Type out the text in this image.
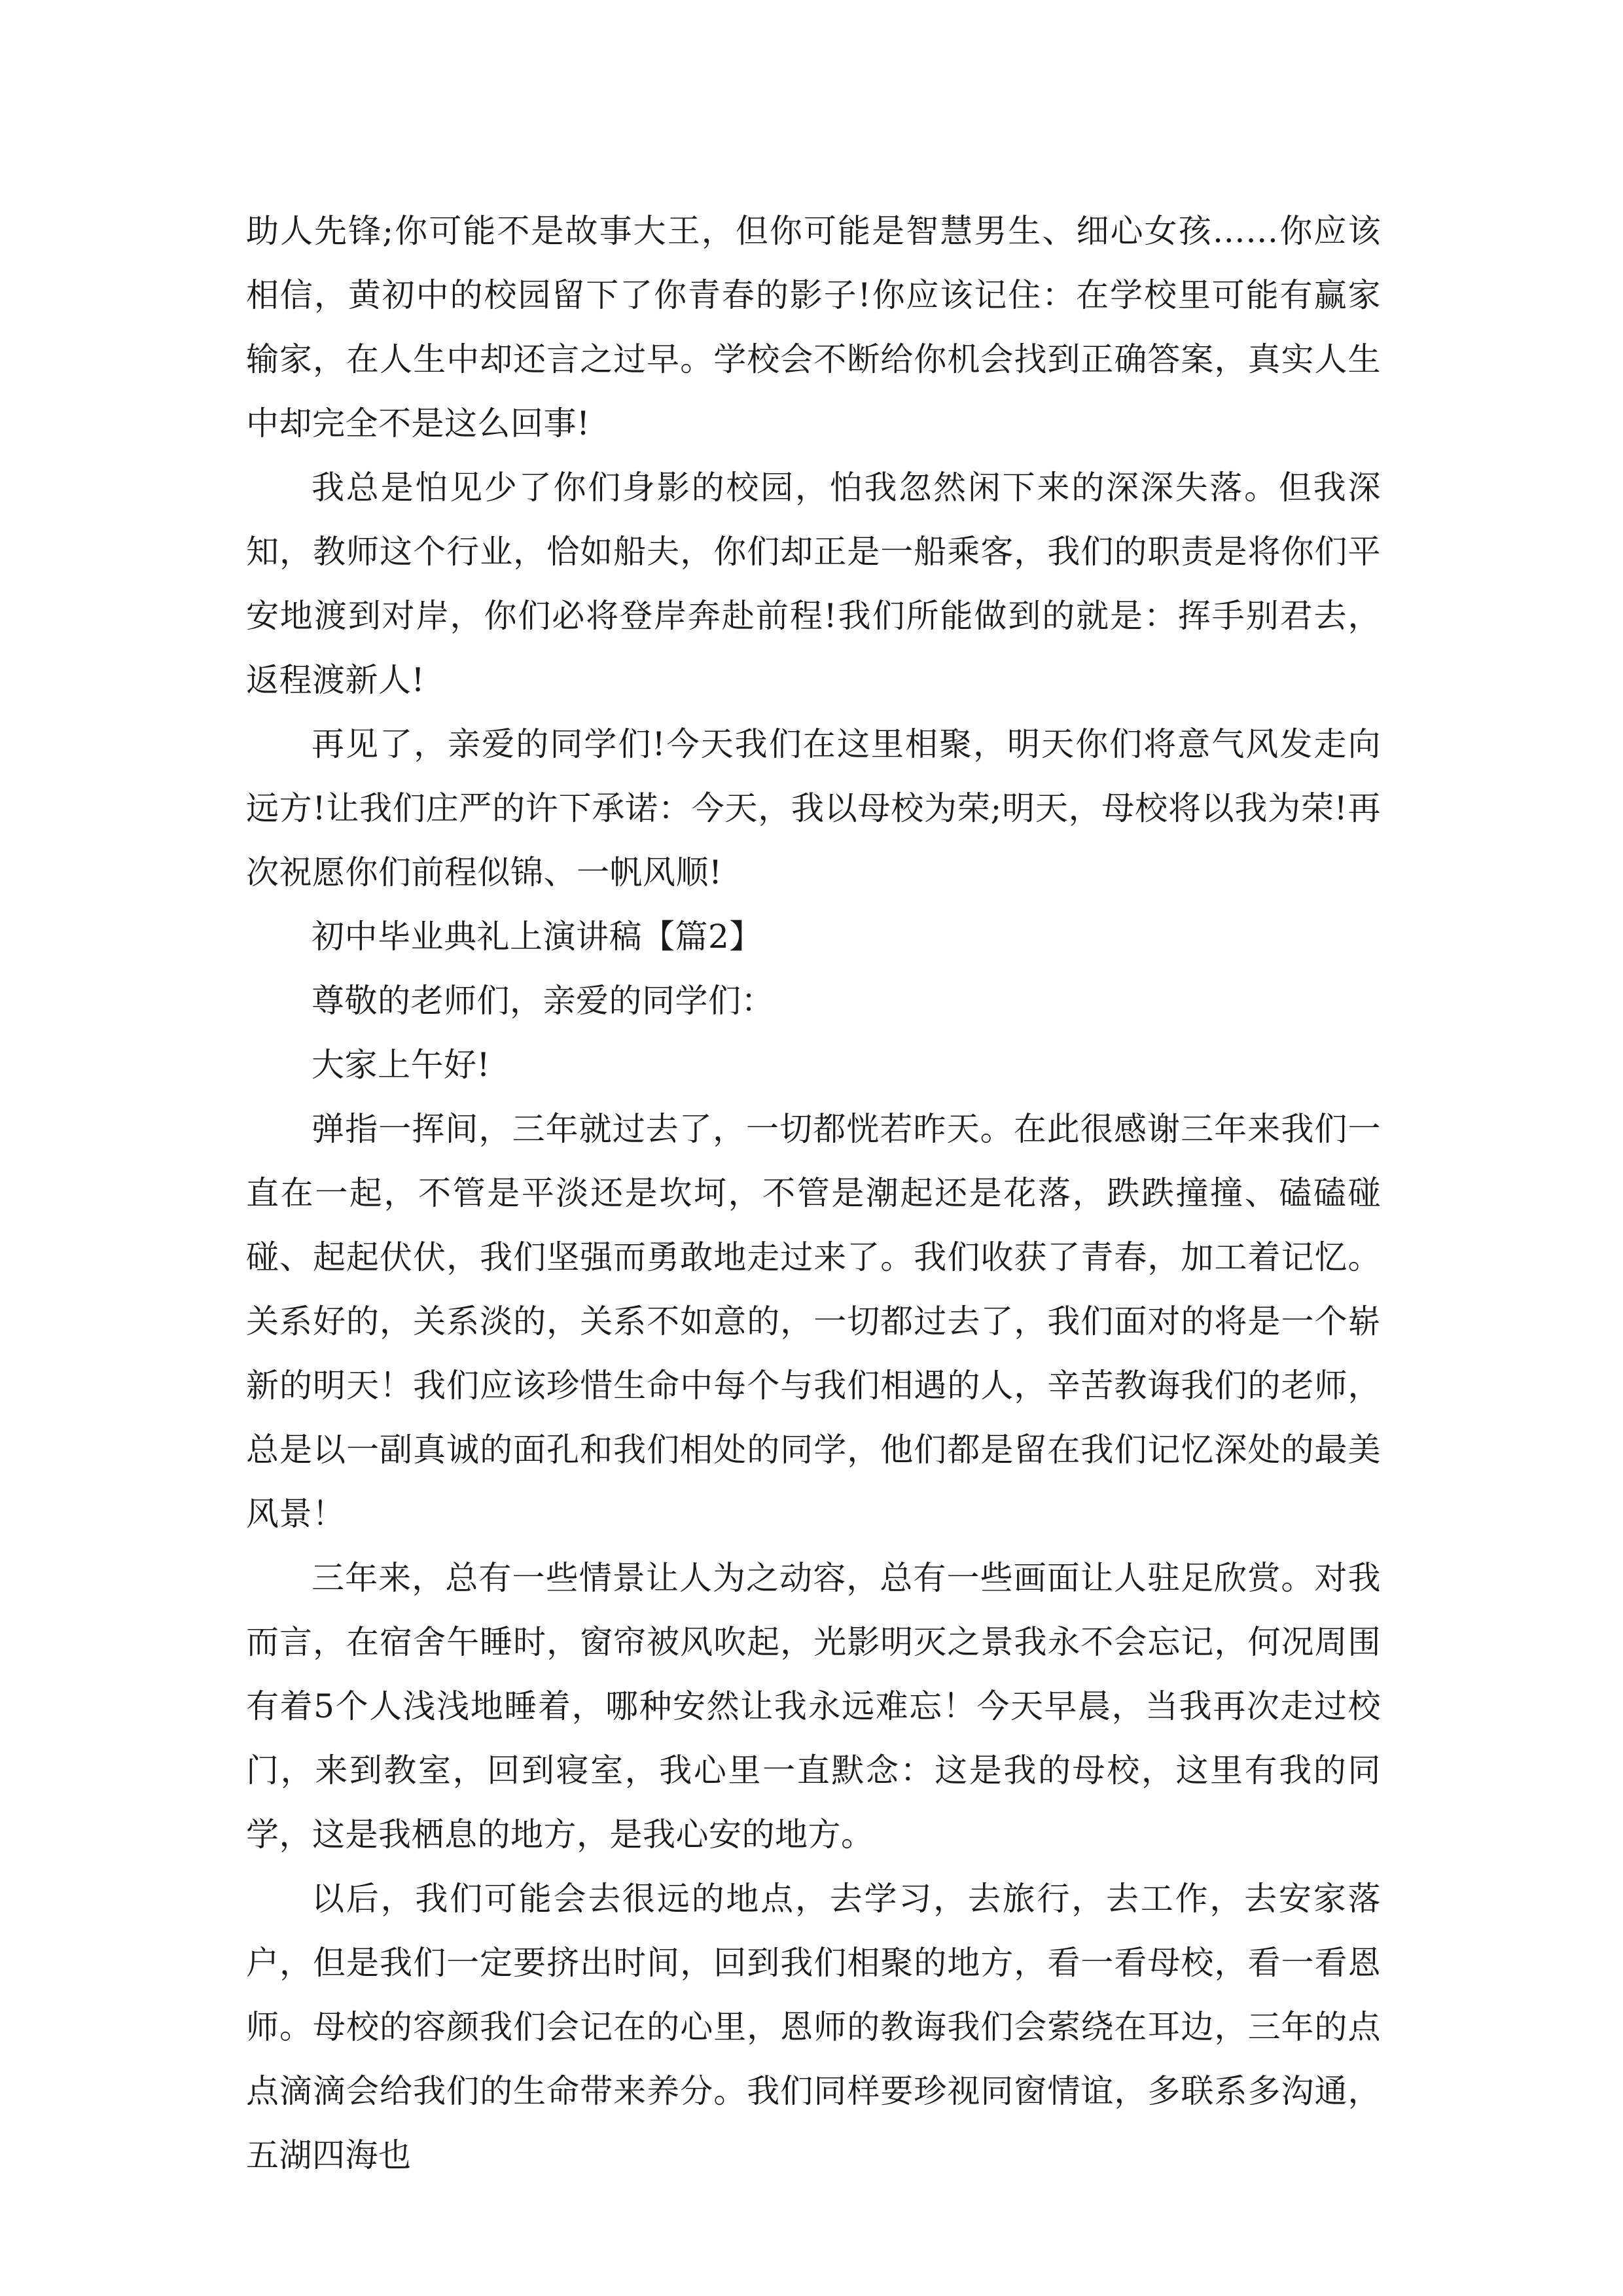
助人先锋;你可能不是故事大王，但你可能是智慧男生、细心女孩……你应该相信，黄初中的校园留下了你青春的影子!你应该记住：在学校里可能有赢家输家，在人生中却还言之过早。学校会不断给你机会找到正确答案，真实人生中却完全不是这么回事!

我总是怕见少了你们身影的校园，怕我忽然闲下来的深深失落。但我深知，教师这个行业，恰如船夫，你们却正是一船乘客，我们的职责是将你们平安地渡到对岸，你们必将登岸奔赴前程!我们所能做到的就是：挥手别君去，返程渡新人!

再见了，亲爱的同学们!今天我们在这里相聚，明天你们将意气风发走向远方!让我们庄严的许下承诺：今天，我以母校为荣;明天，母校将以我为荣!再次祝愿你们前程似锦、一帆风顺!

初中毕业典礼上演讲稿【篇2】

尊敬的老师们，亲爱的同学们：

大家上午好!

弹指一挥间，三年就过去了，一切都恍若昨天。在此很感谢三年来我们一直在一起，不管是平淡还是坎坷，不管是潮起还是花落，跌跌撞撞、磕磕碰碰、起起伏伏，我们坚强而勇敢地走过来了。我们收获了青春，加工着记忆。关系好的，关系淡的，关系不如意的，一切都过去了，我们面对的将是一个崭新的明天！我们应该珍惜生命中每个与我们相遇的人，辛苦教诲我们的老师，总是以一副真诚的面孔和我们相处的同学，他们都是留在我们记忆深处的最美风景！

三年来，总有一些情景让人为之动容，总有一些画面让人驻足欣赏。对我而言，在宿舍午睡时，窗帘被风吹起，光影明灭之景我永不会忘记，何况周围有着5个人浅浅地睡着，哪种安然让我永远难忘！今天早晨，当我再次走过校门，来到教室，回到寝室，我心里一直默念：这是我的母校，这里有我的同学，这是我栖息的地方，是我心安的地方。

以后，我们可能会去很远的地点，去学习，去旅行，去工作，去安家落户，但是我们一定要挤出时间，回到我们相聚的地方，看一看母校，看一看恩师。母校的容颜我们会记在的心里，恩师的教诲我们会萦绕在耳边，三年的点点滴滴会给我们的生命带来养分。我们同样要珍视同窗情谊，多联系多沟通，五湖四海也
